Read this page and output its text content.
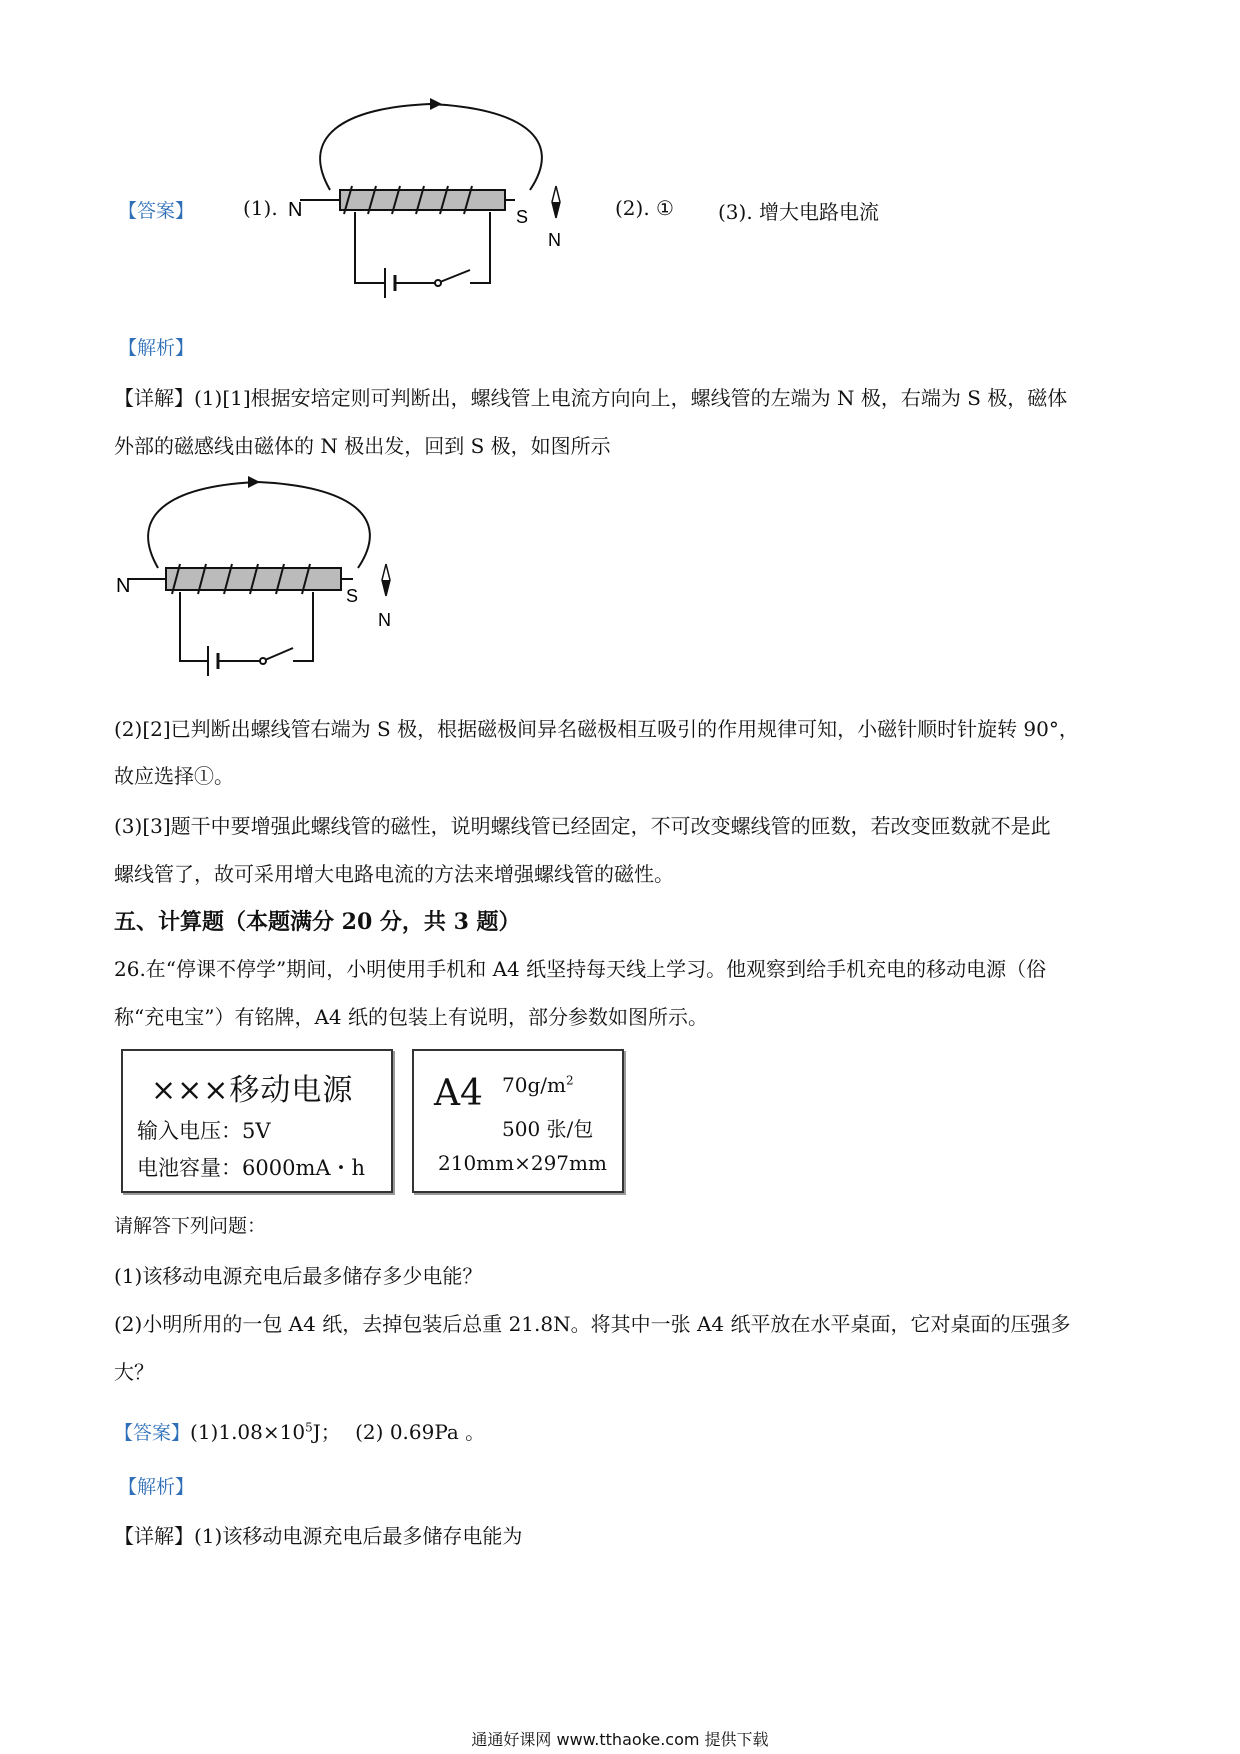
【答案】 (1). N	S
N
(2). ① (3). 增大电路电流
【解析】
【详解】(1)[1]根据安培定则可判断出，螺线管上电流方向向上，螺线管的左端为 N 极，右端为 S 极，磁体
外部的磁感线由磁体的 N 极出发，回到 S 极，如图所示
N	S
N
(2)[2]已判断出螺线管右端为 S 极，根据磁极间异名磁极相互吸引的作用规律可知，小磁针顺时针旋转 90°，
故应选择①。
(3)[3]题干中要增强此螺线管的磁性，说明螺线管已经固定，不可改变螺线管的匝数，若改变匝数就不是此
螺线管了，故可采用增大电路电流的方法来增强螺线管的磁性。
五、计算题（本题满分 20 分，共 3 题）
26.在“停课不停学”期间，小明使用手机和 A4 纸坚持每天线上学习。他观察到给手机充电的移动电源（俗
称“充电宝”）有铭牌，A4 纸的包装上有说明，部分参数如图所示。
×××移动电源
输入电压：5V
电池容量：6000mA・h
A4 $70g/m^2$
500 张/包
210mm×297mm
请解答下列问题：
(1)该移动电源充电后最多储存多少电能？
(2)小明所用的一包 A4 纸，去掉包装后总重 21.8N。将其中一张 A4 纸平放在水平桌面，它对桌面的压强多
大？
【答案】$(1)1.08\times 10^5J$； (2) 0.69Pa 。
【解析】
【详解】(1)该移动电源充电后最多储存电能为
通通好课网 www.tthaoke.com 提供下载
